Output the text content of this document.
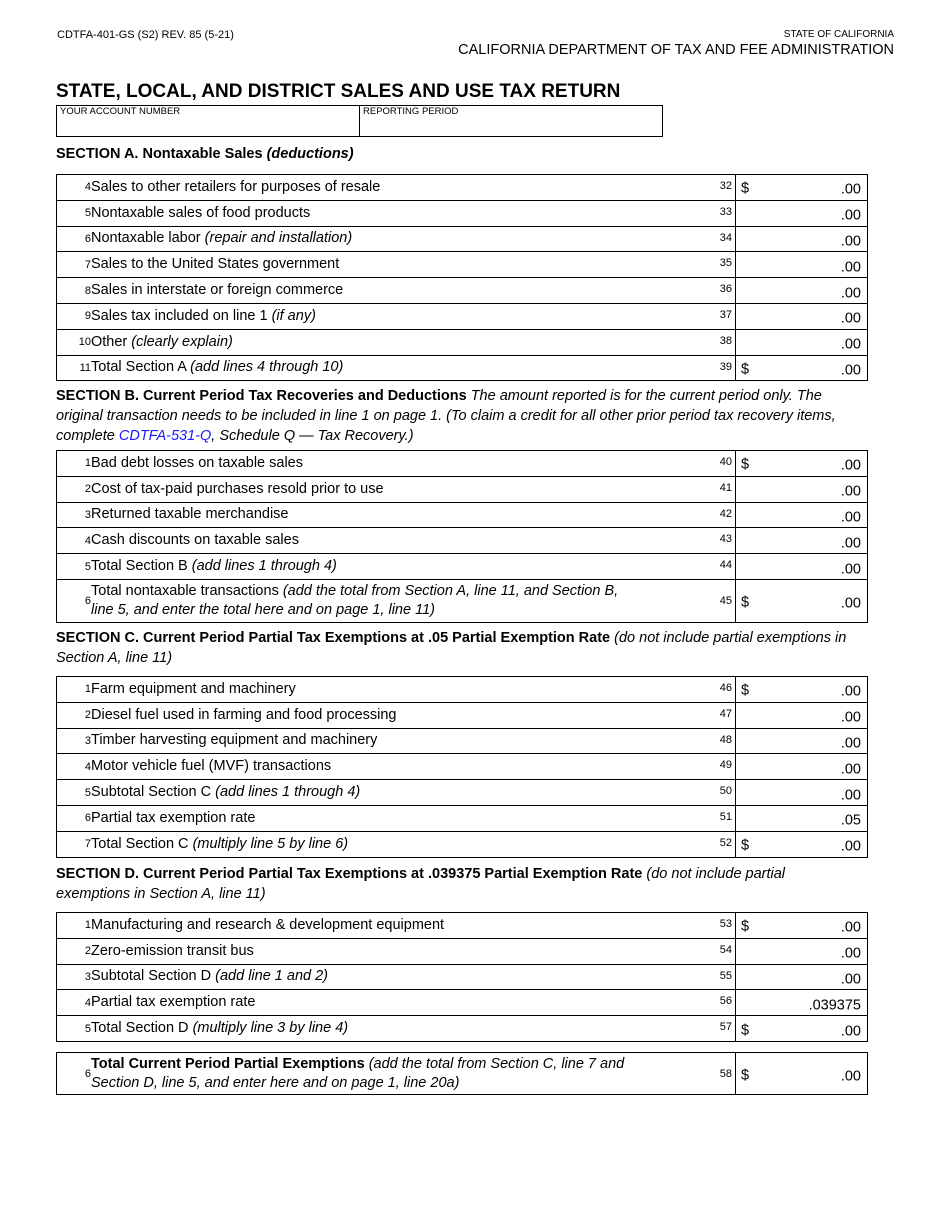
CDTFA-401-GS (S2) REV. 85 (5-21)	STATE OF CALIFORNIA
CALIFORNIA DEPARTMENT OF TAX AND FEE ADMINISTRATION
STATE, LOCAL, AND DISTRICT SALES AND USE TAX RETURN
YOUR ACCOUNT NUMBER	REPORTING PERIOD
SECTION A. Nontaxable Sales (deductions)
4	Sales to other retailers for purposes of resale	32	$ .00

5	Nontaxable sales of food products	33	.00

6	Nontaxable labor (repair and installation)	34	.00

7	Sales to the United States government	35	.00

8	Sales in interstate or foreign commerce	36	.00

9	Sales tax included on line 1 (if any)	37	.00

10	Other (clearly explain)	38	.00

11	Total Section A (add lines 4 through 10)	39	$ .00
SECTION B. Current Period Tax Recoveries and Deductions The amount reported is for the current period only. The original transaction needs to be included in line 1 on page 1. (To claim a credit for all other prior period tax recovery items, complete CDTFA-531-Q, Schedule Q — Tax Recovery.)
1	Bad debt losses on taxable sales	40	$ .00

2	Cost of tax-paid purchases resold prior to use	41	.00

3	Returned taxable merchandise	42	.00

4	Cash discounts on taxable sales	43	.00

5	Total Section B (add lines 1 through 4)	44	.00

6	Total nontaxable transactions (add the total from Section A, line 11, and Section B,
line 5, and enter the total here and on page 1, line 11)	45	$ .00
SECTION C. Current Period Partial Tax Exemptions at .05 Partial Exemption Rate (do not include partial exemptions in Section A, line 11)
1	Farm equipment and machinery	46	$ .00

2	Diesel fuel used in farming and food processing	47	.00

3	Timber harvesting equipment and machinery	48	.00

4	Motor vehicle fuel (MVF) transactions	49	.00

5	Subtotal Section C (add lines 1 through 4)	50	.00

6	Partial tax exemption rate	51	.05

7	Total Section C (multiply line 5 by line 6)	52	$ .00
SECTION D. Current Period Partial Tax Exemptions at .039375 Partial Exemption Rate (do not include partial exemptions in Section A, line 11)
1	Manufacturing and research & development equipment	53	$ .00

2	Zero-emission transit bus	54	.00

3	Subtotal Section D (add line 1 and 2)	55	.00

4	Partial tax exemption rate	56	.039375

5	Total Section D (multiply line 3 by line 4)	57	$ .00
6	Total Current Period Partial Exemptions (add the total from Section C, line 7 and
Section D, line 5, and enter here and on page 1, line 20a)	58	$	.00
